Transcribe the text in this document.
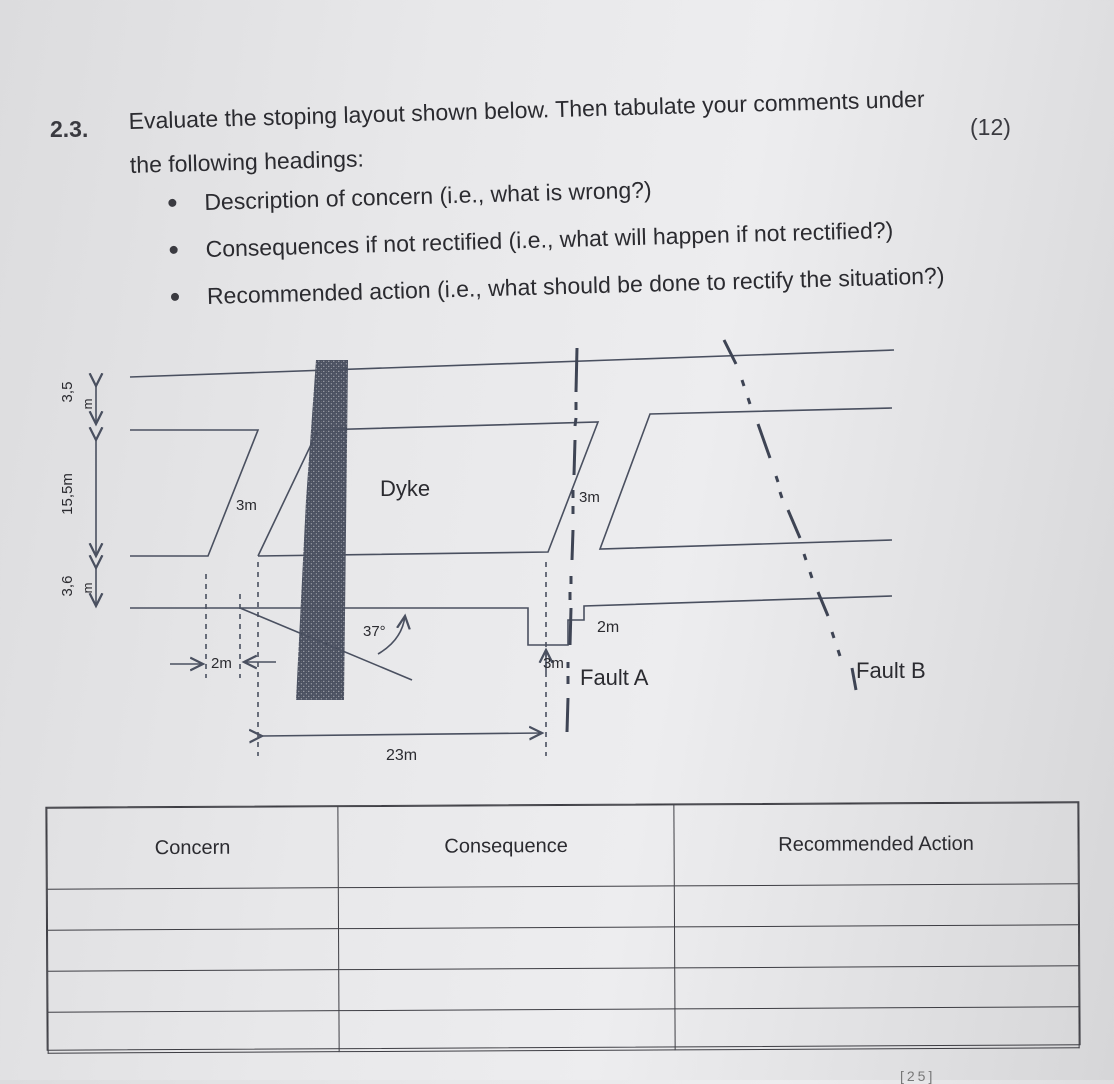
2.3. Evaluate the stoping layout shown below. Then tabulate your comments under
the following headings:
(12)
Description of concern (i.e., what is wrong?)
Consequences if not rectified (i.e., what will happen if not rectified?)
Recommended action (i.e., what should be done to rectify the situation?)
3,5
m
15,5m
3,6 m
Dyke
3m	3m
37°
2m	3m
2m
23m
Fault A	Fault B
Concern	Consequence	Recommended Action

[25]
